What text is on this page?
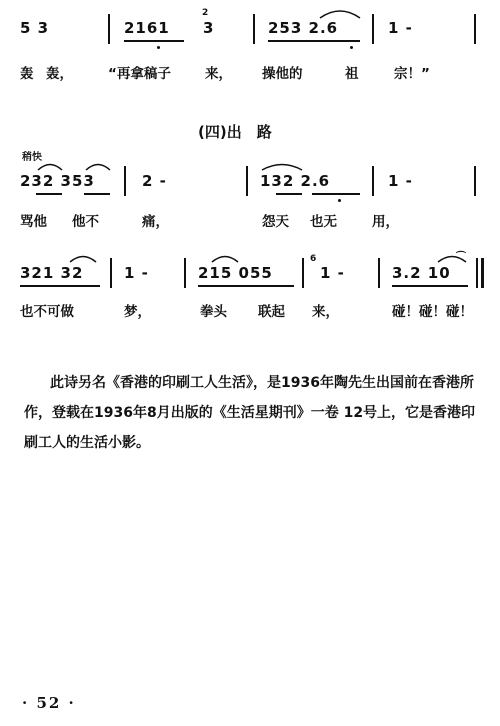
5 3	2161
2
3	253 2.6	1 -
轰 轰，	“再拿稿子	来， 操他的	祖	宗！”
(四)出　路
稍快
232 353	2 -	132 2.6	1 -
骂他 他不	痛，	怨天 也无	用，
321 32	1 -	215 055
6
1 -	3.2 10
⌒
也不可做	梦，	拳头 联起 来，	碰！碰！碰！
此诗另名《香港的印刷工人生活》，是1936年陶先生出国前在香港所作，登载在1936年8月出版的《生活星期刊》一卷 12号上，它是香港印刷工人的生活小影。
· 52 ·
